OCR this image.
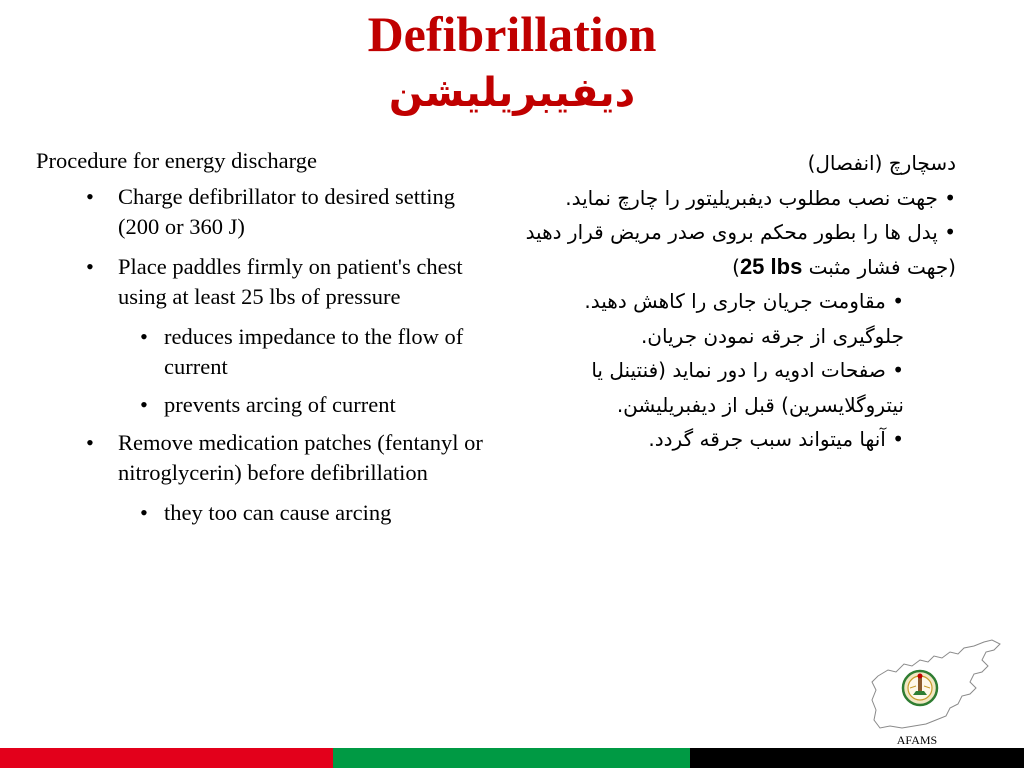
Defibrillation
دیفیبریلیشن
Procedure for energy discharge
• Charge defibrillator to desired setting (200 or 360 J)
• Place paddles firmly on patient's chest using at least 25 lbs of pressure
• reduces impedance to the flow of current
• prevents arcing of current
• Remove medication patches (fentanyl or nitroglycerin) before defibrillation
• they too can cause arcing

دسچارچ (انفصال)

• جهت نصب مطلوب دیفبریلیتور را چارچ نماید.

• پدل ها را بطور محکم بروی صدر مریض قرار دهید (جهت فشار مثبت 25 lbs)

• مقاومت جریان جاری را کاهش دهید.

جلوگیری از جرقه نمودن جریان.

• صفحات ادویه را دور نماید (فنتینل یا نیتروگلایسرین) قبل از دیفبریلیشن.

• آنها میتواند سبب جرقه گردد.

AFAMS
